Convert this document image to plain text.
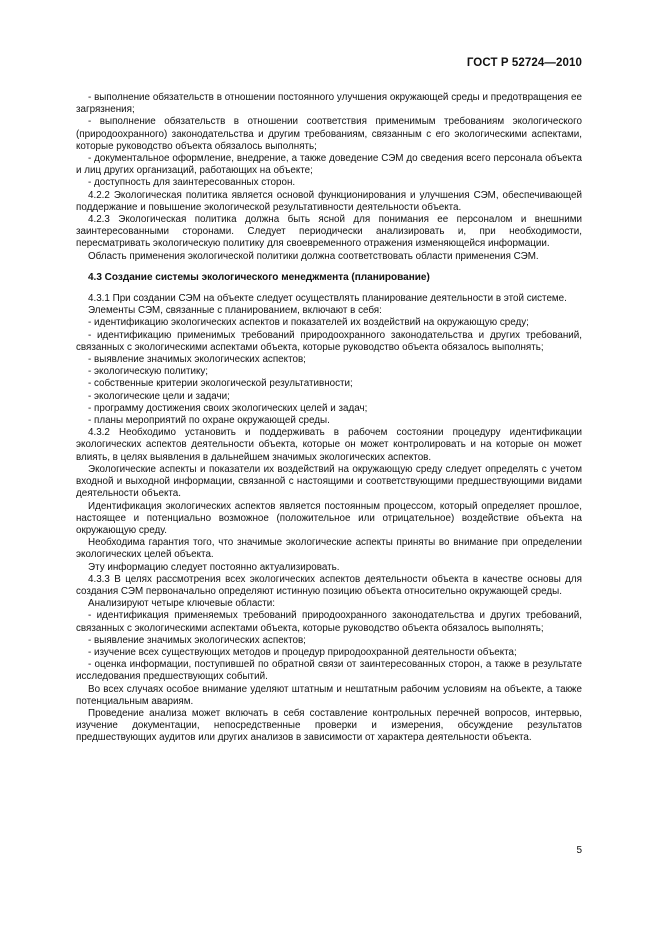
ГОСТ Р 52724—2010

- выполнение обязательств в отношении постоянного улучшения окружающей среды и предотвращения ее загрязнения;

- выполнение обязательств в отношении соответствия применимым требованиям экологического (природоохранного) законодательства и другим требованиям, связанным с его экологическими аспектами, которые руководство объекта обязалось выполнять;

- документальное оформление, внедрение, а также доведение СЭМ до сведения всего персонала объекта и лиц других организаций, работающих на объекте;

- доступность для заинтересованных сторон.

4.2.2 Экологическая политика является основой функционирования и улучшения СЭМ, обеспечивающей поддержание и повышение экологической результативности деятельности объекта.

4.2.3 Экологическая политика должна быть ясной для понимания ее персоналом и внешними заинтересованными сторонами. Следует периодически анализировать и, при необходимости, пересматривать экологическую политику для своевременного отражения изменяющейся информации.

Область применения экологической политики должна соответствовать области применения СЭМ.

4.3 Создание системы экологического менеджмента (планирование)

4.3.1 При создании СЭМ на объекте следует осуществлять планирование деятельности в этой системе.

Элементы СЭМ, связанные с планированием, включают в себя:

- идентификацию экологических аспектов и показателей их воздействий на окружающую среду;

- идентификацию применимых требований природоохранного законодательства и других требований, связанных с экологическими аспектами объекта, которые руководство объекта обязалось выполнять;

- выявление значимых экологических аспектов;

- экологическую политику;

- собственные критерии экологической результативности;

- экологические цели и задачи;

- программу достижения своих экологических целей и задач;

- планы мероприятий по охране окружающей среды.

4.3.2 Необходимо установить и поддерживать в рабочем состоянии процедуру идентификации экологических аспектов деятельности объекта, которые он может контролировать и на которые он может влиять, в целях выявления в дальнейшем значимых экологических аспектов.

Экологические аспекты и показатели их воздействий на окружающую среду следует определять с учетом входной и выходной информации, связанной с настоящими и соответствующими предшествующими видами деятельности объекта.

Идентификация экологических аспектов является постоянным процессом, который определяет прошлое, настоящее и потенциально возможное (положительное или отрицательное) воздействие объекта на окружающую среду.

Необходима гарантия того, что значимые экологические аспекты приняты во внимание при определении экологических целей объекта.

Эту информацию следует постоянно актуализировать.

4.3.3 В целях рассмотрения всех экологических аспектов деятельности объекта в качестве основы для создания СЭМ первоначально определяют истинную позицию объекта относительно окружающей среды.

Анализируют четыре ключевые области:

- идентификация применяемых требований природоохранного законодательства и других требований, связанных с экологическими аспектами объекта, которые руководство объекта обязалось выполнять;

- выявление значимых экологических аспектов;

- изучение всех существующих методов и процедур природоохранной деятельности объекта;

- оценка информации, поступившей по обратной связи от заинтересованных сторон, а также в результате исследования предшествующих событий.

Во всех случаях особое внимание уделяют штатным и нештатным рабочим условиям на объекте, а также потенциальным авариям.

Проведение анализа может включать в себя составление контрольных перечней вопросов, интервью, изучение документации, непосредственные проверки и измерения, обсуждение результатов предшествующих аудитов или других анализов в зависимости от характера деятельности объекта.

5
